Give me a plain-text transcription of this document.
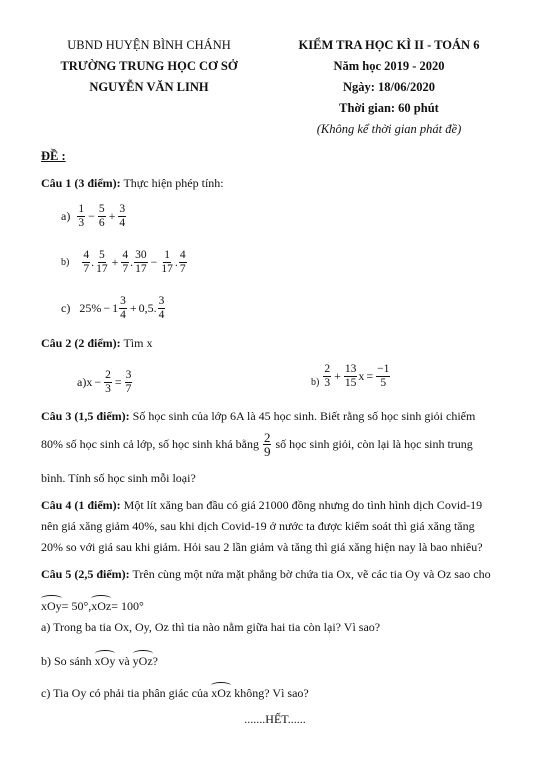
UBND HUYỆN BÌNH CHÁNH
TRƯỜNG TRUNG HỌC CƠ SỞ
NGUYỄN VĂN LINH
KIỂM TRA HỌC KÌ II - TOÁN 6
Năm học 2019 - 2020
Ngày: 18/06/2020
Thời gian: 60 phút
(Không kể thời gian phát đề)
ĐỀ :
Câu 1 (3 điểm): Thực hiện phép tính:
a)
$\frac{1}{3} - \frac{5}{6} + \frac{3}{4}$
b)
$\frac{4}{7}$ . $\frac{5}{17} + \frac{4}{7}$ . $\frac{30}{17} - \frac{1}{17}$ . $\frac{4}{7}$
c)
$25\% - 1 \frac{3}{4} + 0,5$. $\frac{3}{4}$
Câu 2 (2 điểm): Tìm x
$a)x - \frac{2}{3} = \frac{3}{7}$	b)
$\frac{2}{3} + \frac{13}{15}$ $x = \frac{-1}{5}$
Câu 3 (1,5 điểm): Số học sinh của lớp 6A là 45 học sinh. Biết rằng số học sinh giỏi chiếm
80% số học sinh cả lớp, số học sinh khá bằng
$\frac{2}{9}$
số học sinh giỏi, còn lại là học sinh trung
bình. Tính số học sinh mỗi loại?
Câu 4 (1 điểm): Một lít xăng ban đầu có giá 21000 đồng nhưng do tình hình dịch Covid-19
nên giá xăng giảm 40%, sau khi dịch Covid-19 ở nước ta được kiểm soát thì giá xăng tăng
20% so với giá sau khi giảm. Hỏi sau 2 lần giảm và tăng thì giá xăng hiện nay là bao nhiêu?
Câu 5 (2,5 điểm): Trên cùng một nửa mặt phẳng bờ chứa tia Ox, vẽ các tia Oy và Oz sao cho
xOy= 50°,xOz= 100°
a) Trong ba tia Ox, Oy, Oz thì tia nào nằm giữa hai tia còn lại? Vì sao?
b) So sánh xOy và yOz?
c) Tia Oy có phải tia phân giác của xOz không? Vì sao?
.......HẾT......
